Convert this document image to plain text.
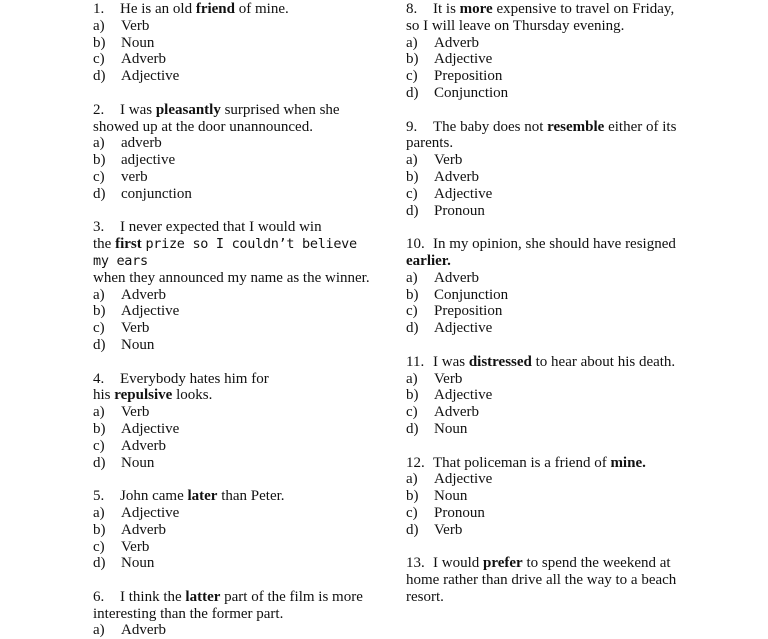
1. He is an old friend of mine.
a) Verb
b) Noun
c) Adverb
d) Adjective
2. I was pleasantly surprised when she showed up at the door unannounced.
a) adverb
b) adjective
c) verb
d) conjunction
3. I never expected that I would win
the first prize so I couldn’t believe my ears
when they announced my name as the winner.
a) Adverb
b) Adjective
c) Verb
d) Noun
4. Everybody hates him for
his repulsive looks.
a) Verb
b) Adjective
c) Adverb
d) Noun
5. John came later than Peter.
a) Adjective
b) Adverb
c) Verb
d) Noun
6. I think the latter part of the film is more interesting than the former part.
a) Adverb
8. It is more expensive to travel on Friday, so I will leave on Thursday evening.
a) Adverb
b) Adjective
c) Preposition
d) Conjunction
9. The baby does not resemble either of its parents.
a) Verb
b) Adverb
c) Adjective
d) Pronoun
10. In my opinion, she should have resigned earlier.
a) Adverb
b) Conjunction
c) Preposition
d) Adjective
11. I was distressed to hear about his death.
a) Verb
b) Adjective
c) Adverb
d) Noun
12. That policeman is a friend of mine.
a) Adjective
b) Noun
c) Pronoun
d) Verb
13. I would prefer to spend the weekend at home rather than drive all the way to a beach resort.
